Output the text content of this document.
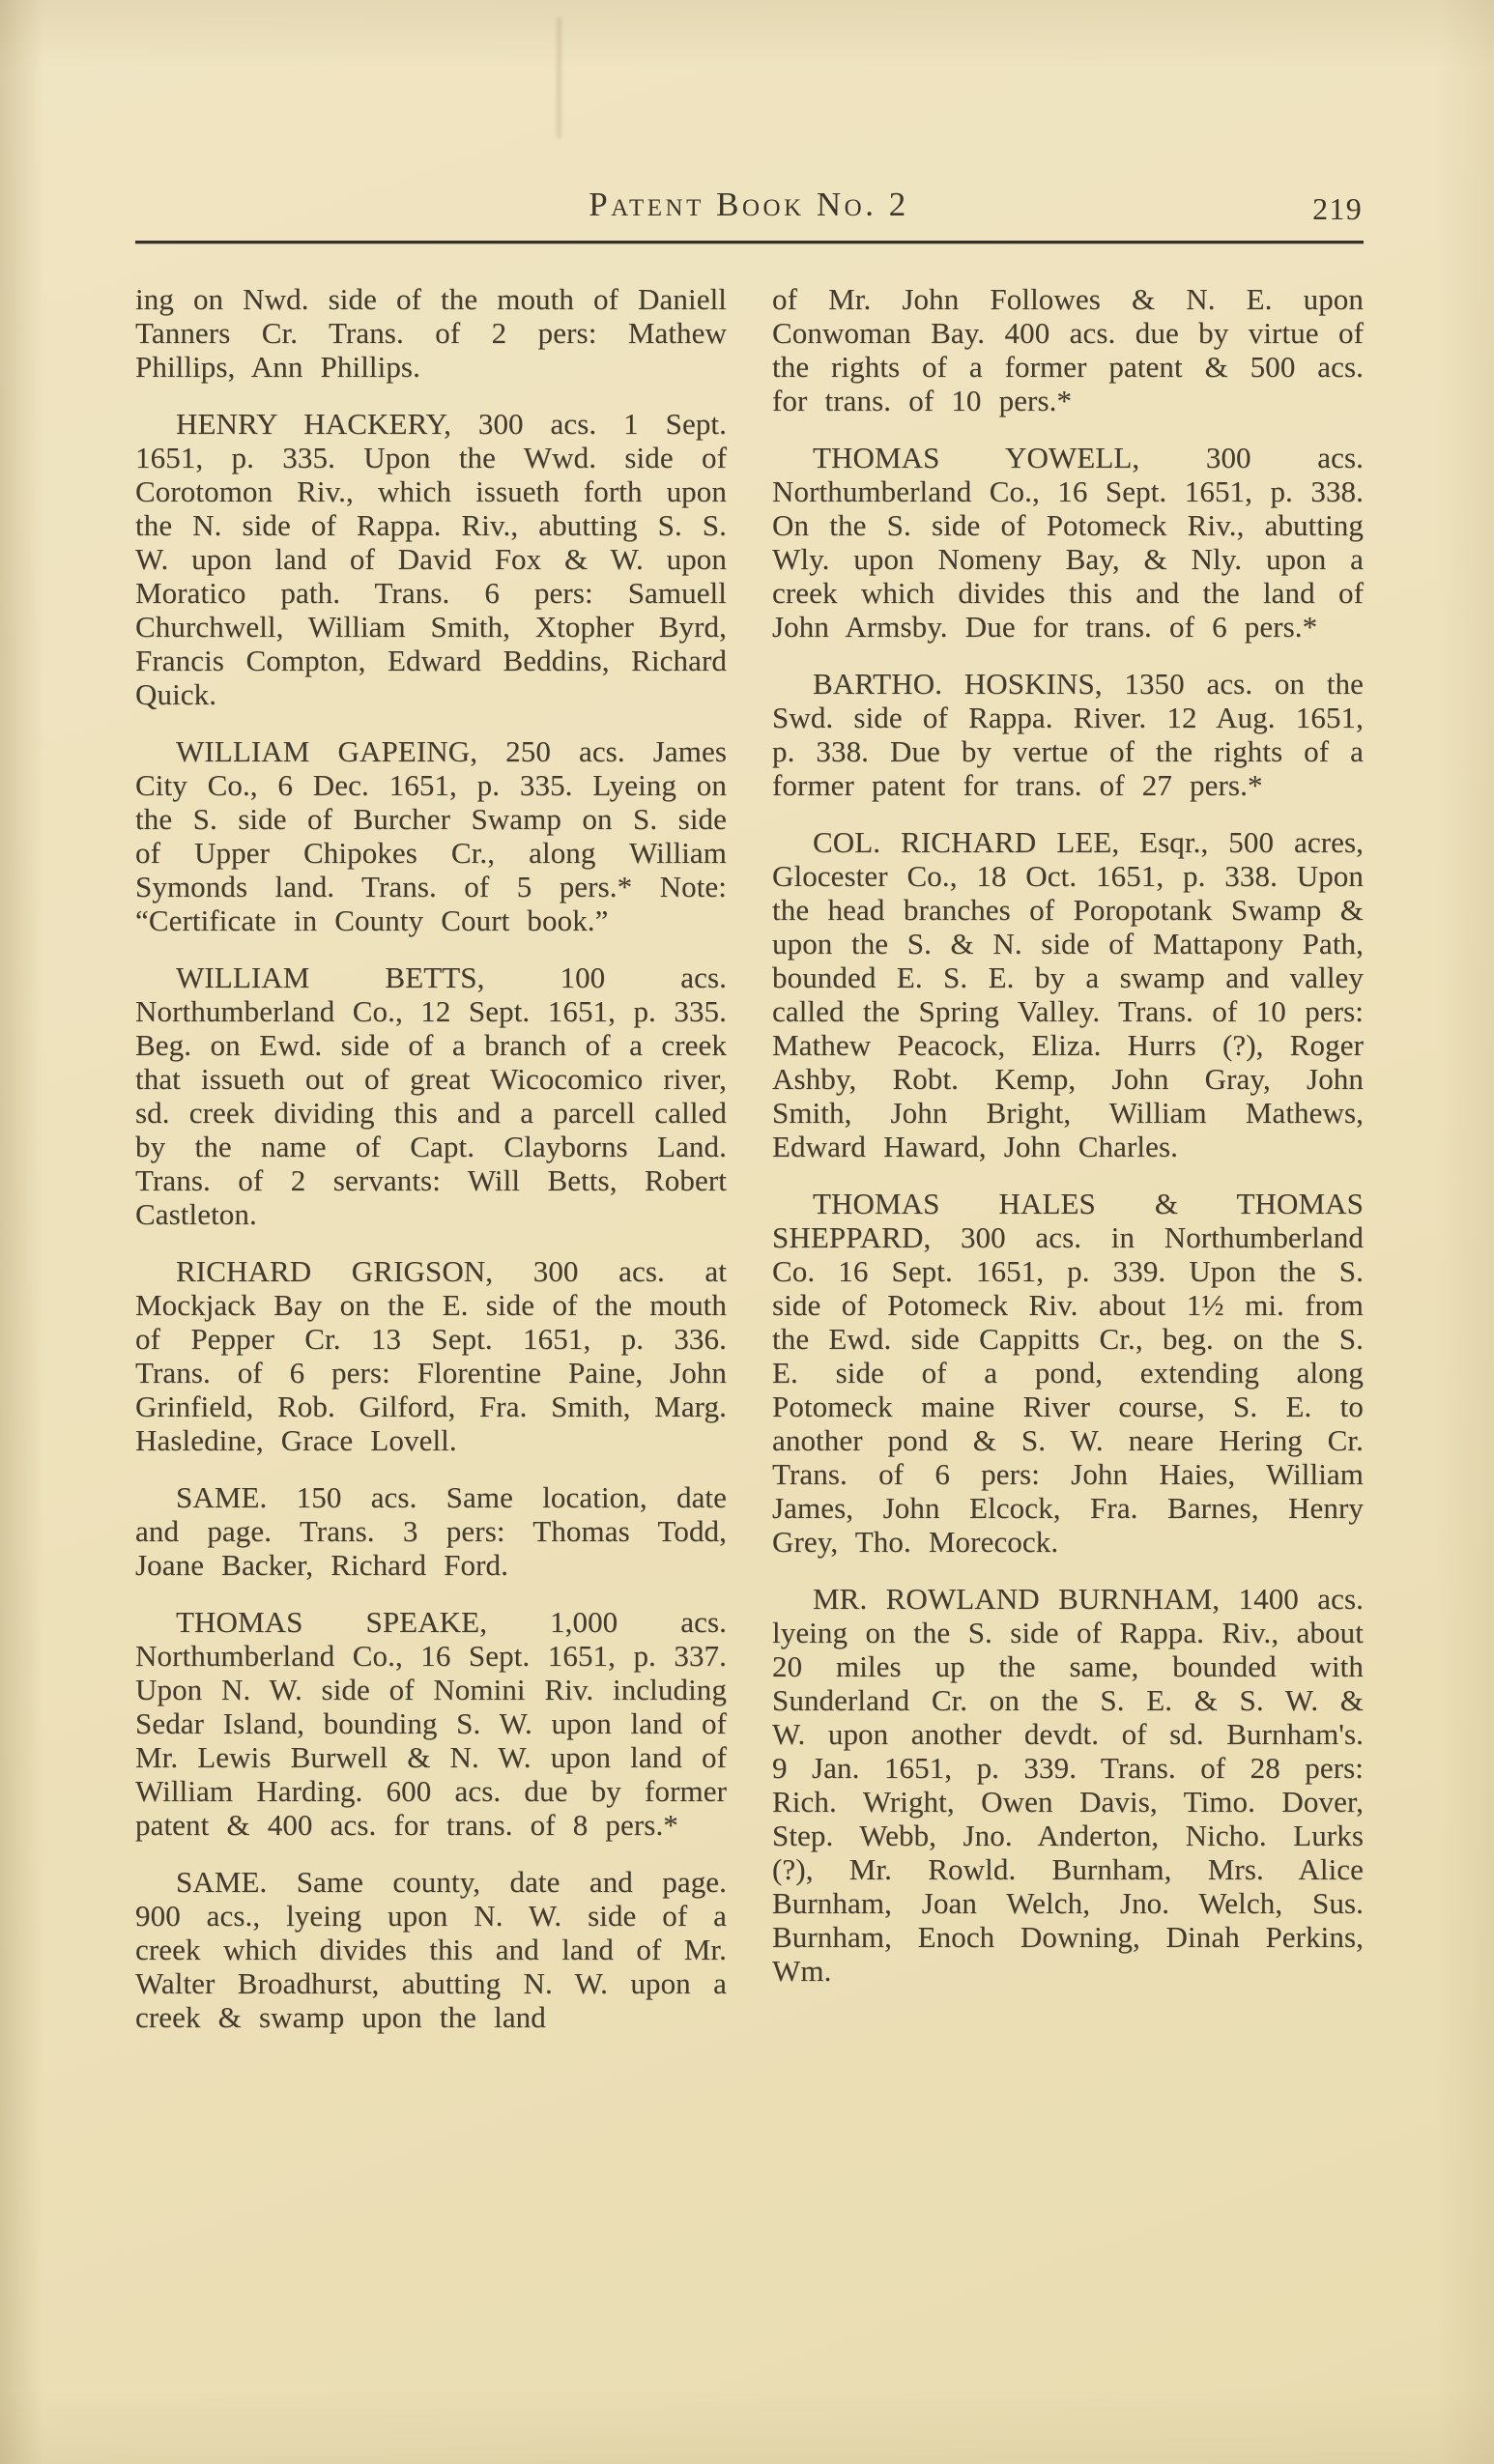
Patent Book No. 2	219

ing on Nwd. side of the mouth of Daniell Tanners Cr. Trans. of 2 pers: Mathew Phillips, Ann Phillips.

HENRY HACKERY, 300 acs. 1 Sept. 1651, p. 335. Upon the Wwd. side of Corotomon Riv., which issueth forth upon the N. side of Rappa. Riv., abutting S. S. W. upon land of David Fox & W. upon Moratico path. Trans. 6 pers: Samuell Churchwell, William Smith, Xtopher Byrd, Francis Compton, Edward Beddins, Richard Quick.

WILLIAM GAPEING, 250 acs. James City Co., 6 Dec. 1651, p. 335. Lyeing on the S. side of Burcher Swamp on S. side of Upper Chipokes Cr., along William Symonds land. Trans. of 5 pers.* Note: “Certificate in County Court book.”

WILLIAM BETTS, 100 acs. Northumberland Co., 12 Sept. 1651, p. 335. Beg. on Ewd. side of a branch of a creek that issueth out of great Wicocomico river, sd. creek dividing this and a parcell called by the name of Capt. Clayborns Land. Trans. of 2 servants: Will Betts, Robert Castleton.

RICHARD GRIGSON, 300 acs. at Mockjack Bay on the E. side of the mouth of Pepper Cr. 13 Sept. 1651, p. 336. Trans. of 6 pers: Florentine Paine, John Grinfield, Rob. Gilford, Fra. Smith, Marg. Hasledine, Grace Lovell.

SAME. 150 acs. Same location, date and page. Trans. 3 pers: Thomas Todd, Joane Backer, Richard Ford.

THOMAS SPEAKE, 1,000 acs. Northumberland Co., 16 Sept. 1651, p. 337. Upon N. W. side of Nomini Riv. including Sedar Island, bounding S. W. upon land of Mr. Lewis Burwell & N. W. upon land of William Harding. 600 acs. due by former patent & 400 acs. for trans. of 8 pers.*

SAME. Same county, date and page. 900 acs., lyeing upon N. W. side of a creek which divides this and land of Mr. Walter Broadhurst, abutting N. W. upon a creek & swamp upon the land

of Mr. John Followes & N. E. upon Conwoman Bay. 400 acs. due by virtue of the rights of a former patent & 500 acs. for trans. of 10 pers.*

THOMAS YOWELL, 300 acs. Northumberland Co., 16 Sept. 1651, p. 338. On the S. side of Potomeck Riv., abutting Wly. upon Nomeny Bay, & Nly. upon a creek which divides this and the land of John Armsby. Due for trans. of 6 pers.*

BARTHO. HOSKINS, 1350 acs. on the Swd. side of Rappa. River. 12 Aug. 1651, p. 338. Due by vertue of the rights of a former patent for trans. of 27 pers.*

COL. RICHARD LEE, Esqr., 500 acres, Glocester Co., 18 Oct. 1651, p. 338. Upon the head branches of Poropotank Swamp & upon the S. & N. side of Mattapony Path, bounded E. S. E. by a swamp and valley called the Spring Valley. Trans. of 10 pers: Mathew Peacock, Eliza. Hurrs (?), Roger Ashby, Robt. Kemp, John Gray, John Smith, John Bright, William Mathews, Edward Haward, John Charles.

THOMAS HALES & THOMAS SHEPPARD, 300 acs. in Northumberland Co. 16 Sept. 1651, p. 339. Upon the S. side of Potomeck Riv. about 1½ mi. from the Ewd. side Cappitts Cr., beg. on the S. E. side of a pond, extending along Potomeck maine River course, S. E. to another pond & S. W. neare Hering Cr. Trans. of 6 pers: John Haies, William James, John Elcock, Fra. Barnes, Henry Grey, Tho. Morecock.

MR. ROWLAND BURNHAM, 1400 acs. lyeing on the S. side of Rappa. Riv., about 20 miles up the same, bounded with Sunderland Cr. on the S. E. & S. W. & W. upon another devdt. of sd. Burnham's. 9 Jan. 1651, p. 339. Trans. of 28 pers: Rich. Wright, Owen Davis, Timo. Dover, Step. Webb, Jno. Anderton, Nicho. Lurks (?), Mr. Rowld. Burnham, Mrs. Alice Burnham, Joan Welch, Jno. Welch, Sus. Burnham, Enoch Downing, Dinah Perkins, Wm.
